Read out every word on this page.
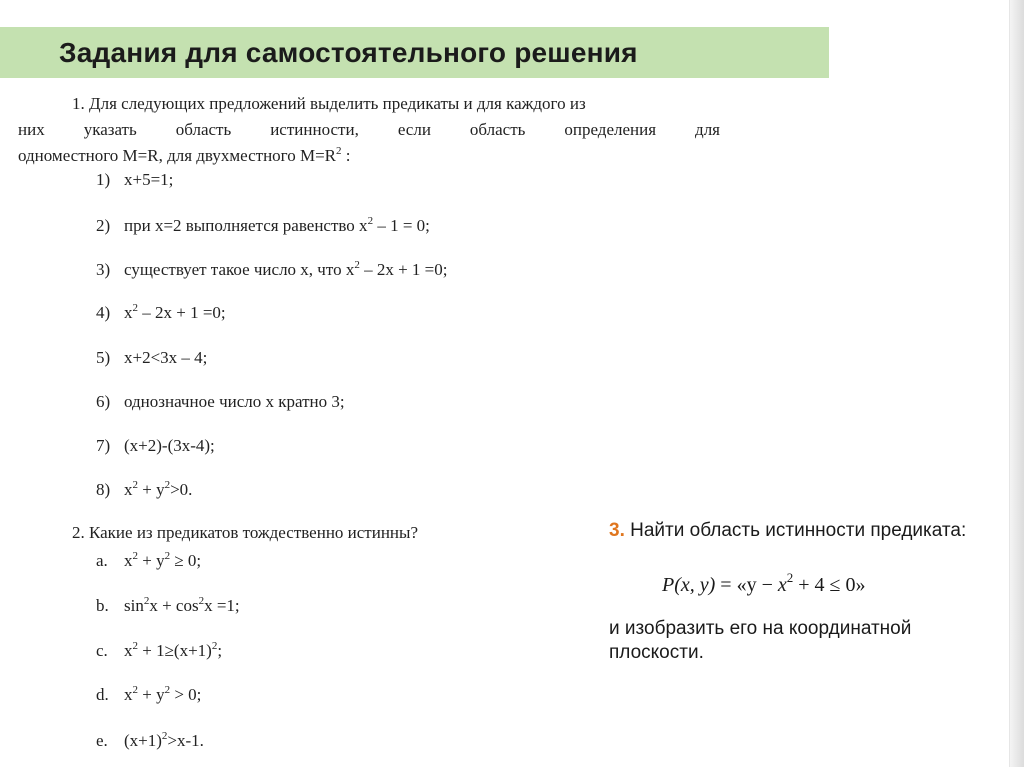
Задания для самостоятельного решения
1. Для следующих предложений выделить предикаты и для каждого из
них указать область истинности, если область определения для
одноместного M=R, для двухместного $M=R^2$ :
1) x+5=1;
2) при x=2 выполняется равенство $x^2 - 1 = 0$;
3) существует такое число x, что $x^2 - 2x + 1 =0$;
4) $x^2 - 2x + 1 =0$;
5) x+2<3x – 4;
6) однозначное число x кратно 3;
7) (x+2)-(3x-4);
8) $x^2 + y^2>0$.
2. Какие из предикатов тождественно истинны?
a. $x^2 + y^2 \ge 0$;
b. $\sin^2x + \cos^2x =1$;
c. $x^2 + 1\ge(x+1)^2$;
d. $x^2 + y^2 > 0$;
e. $(x+1)^2>x-1$.
3. Найти область истинности предиката:
P(x, y) = «$y - x^2 + 4 \le 0$»
и изобразить его на координатной плоскости.
